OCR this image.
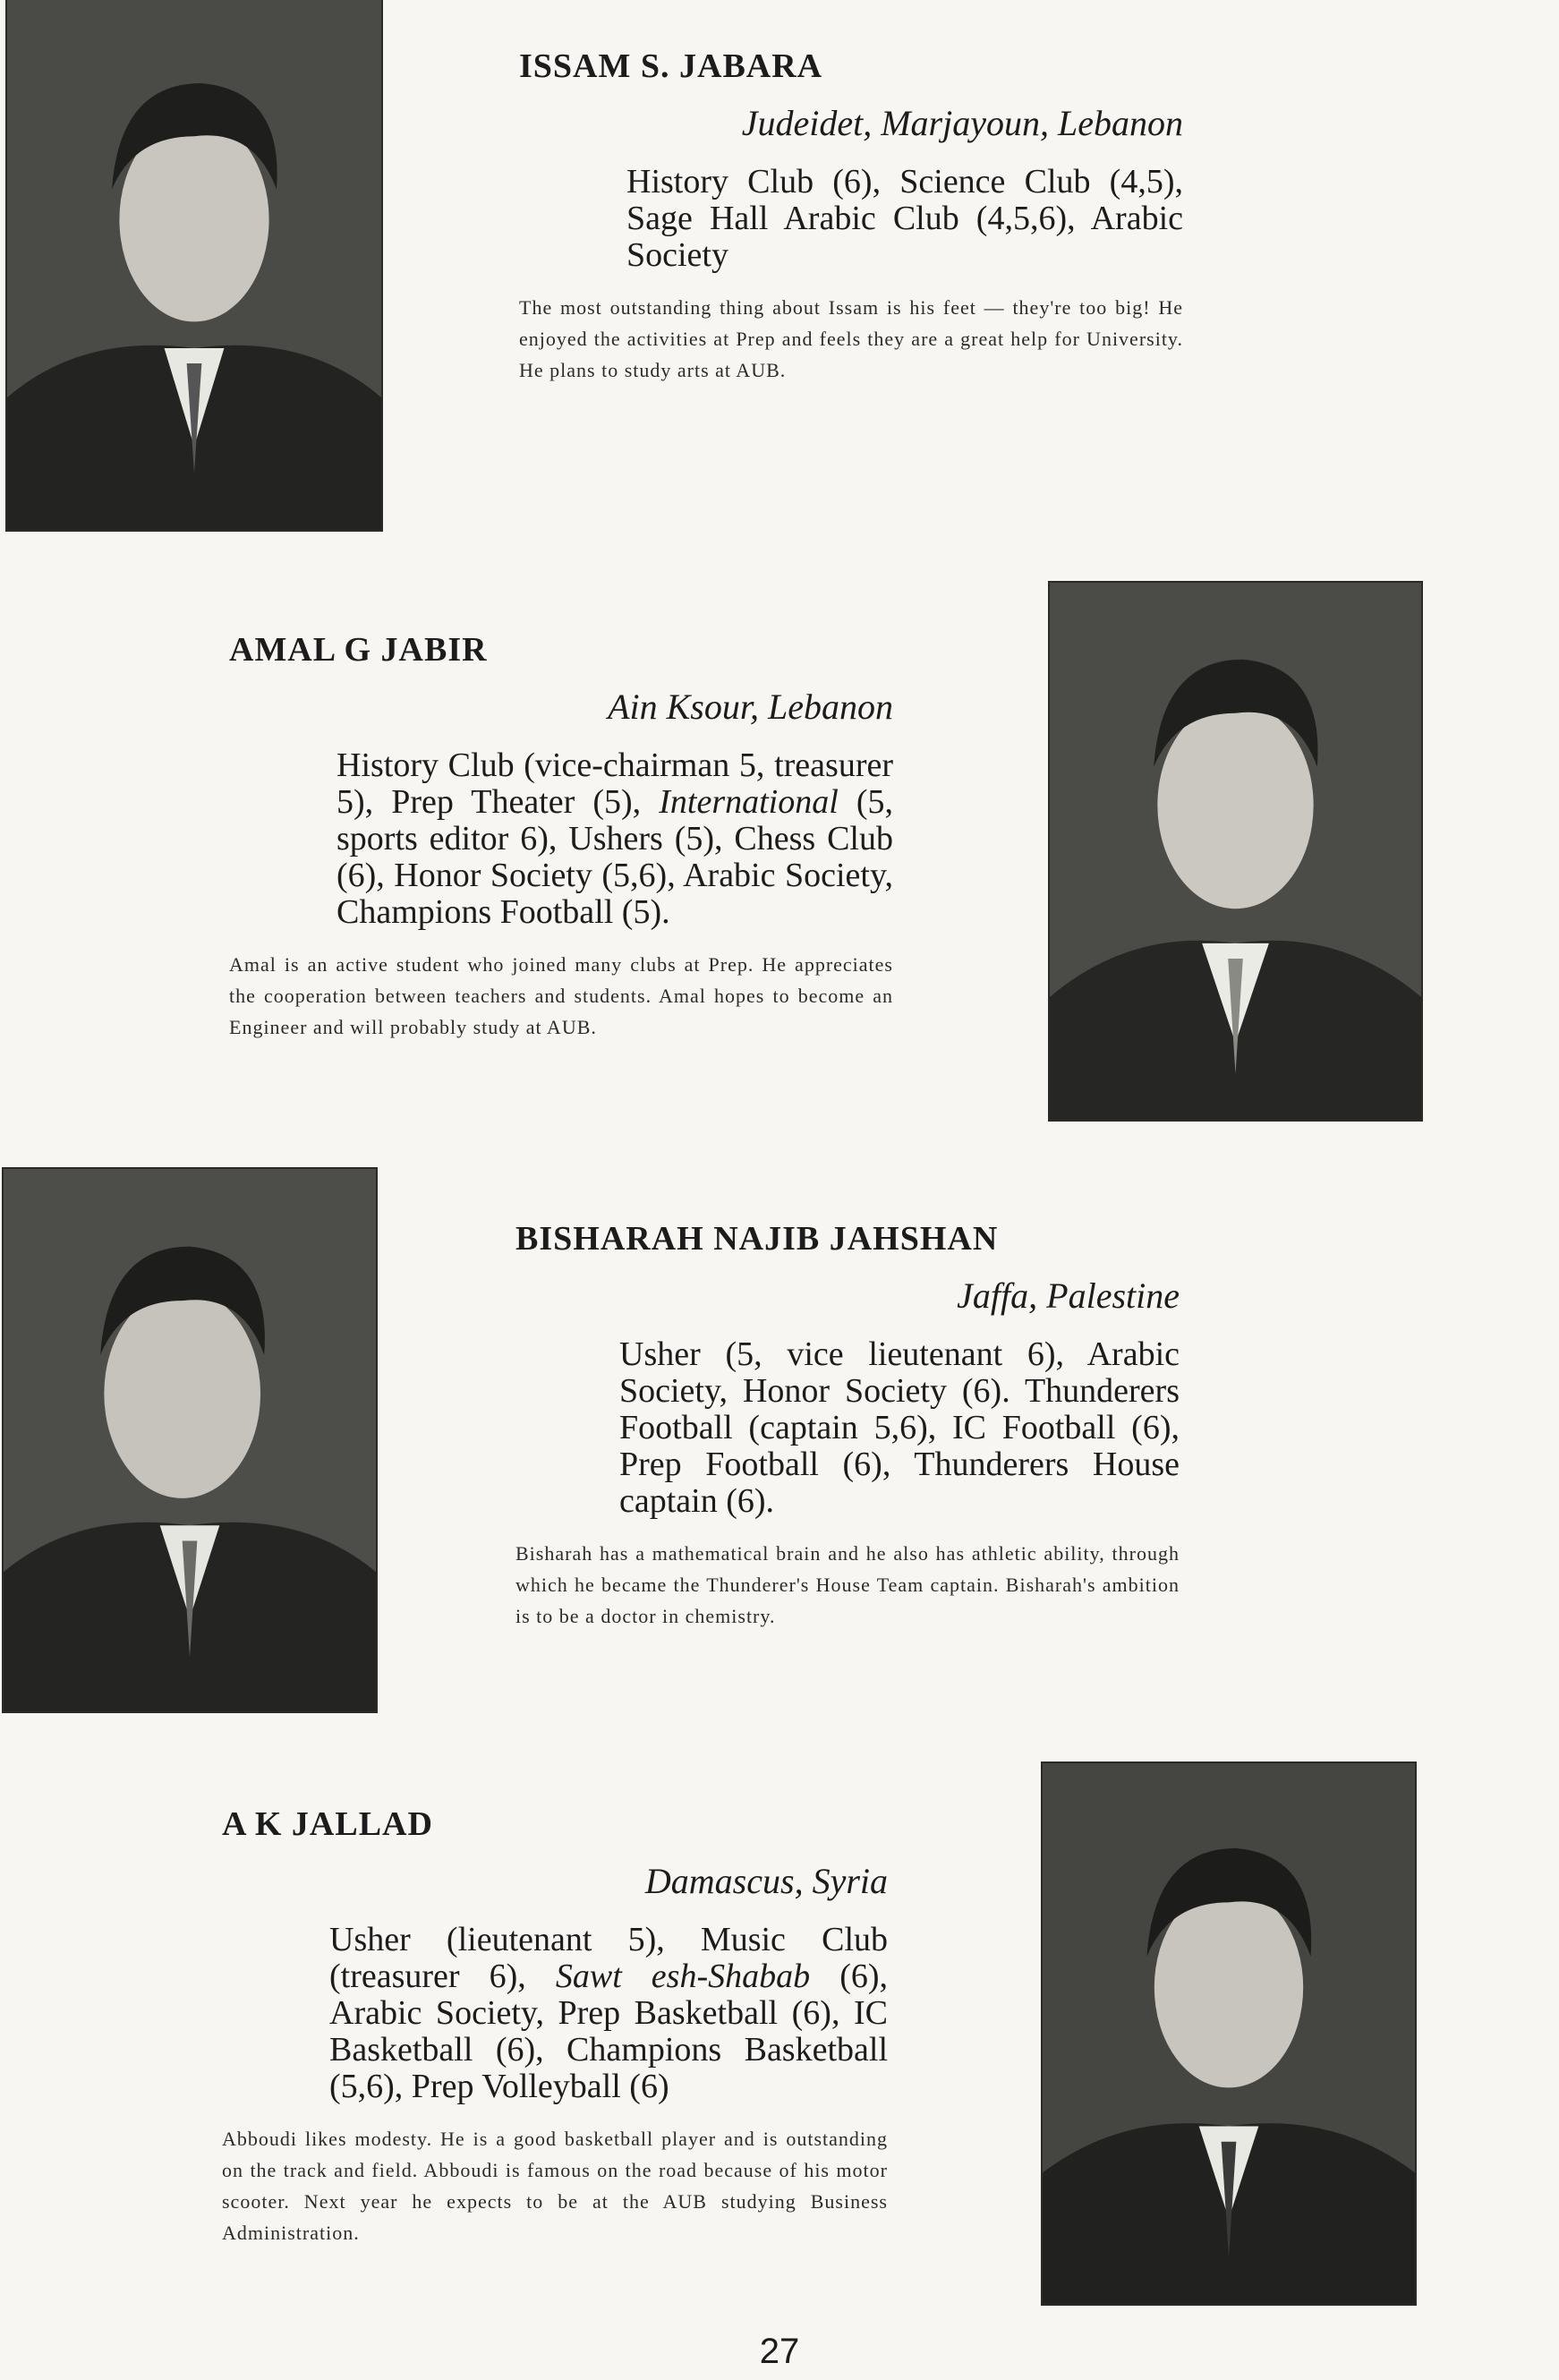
ISSAM S. JABARA
Judeidet, Marjayoun, Lebanon
History Club (6), Science Club (4,5), Sage Hall Arabic Club (4,5,6), Arabic Society
The most outstanding thing about Issam is his feet — they're too big! He enjoyed the activities at Prep and feels they are a great help for University. He plans to study arts at AUB.
AMAL G JABIR
Ain Ksour, Lebanon
History Club (vice-chairman 5, treasurer 5), Prep Theater (5), International (5, sports editor 6), Ushers (5), Chess Club (6), Honor Society (5,6), Arabic Society, Champions Football (5).
Amal is an active student who joined many clubs at Prep. He appreciates the cooperation between teachers and students. Amal hopes to become an Engineer and will probably study at AUB.
BISHARAH NAJIB JAHSHAN
Jaffa, Palestine
Usher (5, vice lieutenant 6), Arabic Society, Honor Society (6). Thunderers Football (captain 5,6), IC Football (6), Prep Football (6), Thunderers House captain (6).
Bisharah has a mathematical brain and he also has athletic ability, through which he became the Thunderer's House Team captain. Bisharah's ambition is to be a doctor in chemistry.
A K JALLAD
Damascus, Syria
Usher (lieutenant 5), Music Club (treasurer 6), Sawt esh-Shabab (6), Arabic Society, Prep Basketball (6), IC Basketball (6), Champions Basketball (5,6), Prep Volleyball (6)
Abboudi likes modesty. He is a good basketball player and is outstanding on the track and field. Abboudi is famous on the road because of his motor scooter. Next year he expects to be at the AUB studying Business Administration.
27
